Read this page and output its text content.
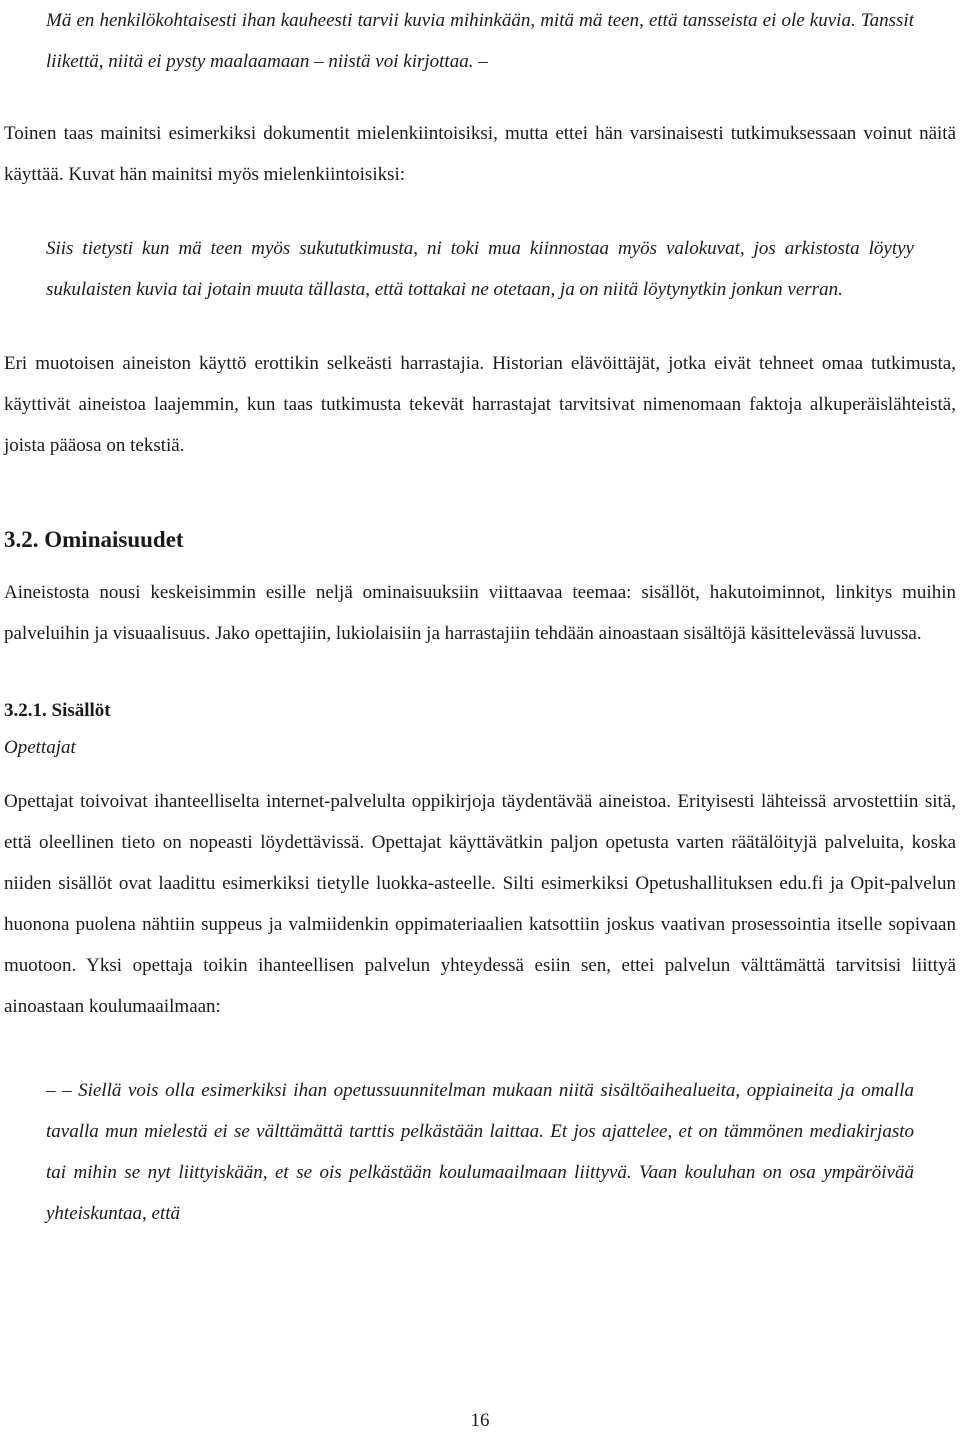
Mä en henkilökohtaisesti ihan kauheesti tarvii kuvia mihinkään, mitä mä teen, että tansseista ei ole kuvia. Tanssit liikettä, niitä ei pysty maalaamaan – niistä voi kirjottaa. –

Toinen taas mainitsi esimerkiksi dokumentit mielenkiintoisiksi, mutta ettei hän varsinaisesti tutkimuksessaan voinut näitä käyttää. Kuvat hän mainitsi myös mielenkiintoisiksi:

Siis tietysti kun mä teen myös sukututkimusta, ni toki mua kiinnostaa myös valokuvat, jos arkistosta löytyy sukulaisten kuvia tai jotain muuta tällasta, että tottakai ne otetaan, ja on niitä löytynytkin jonkun verran.

Eri muotoisen aineiston käyttö erottikin selkeästi harrastajia. Historian elävöittäjät, jotka eivät tehneet omaa tutkimusta, käyttivät aineistoa laajemmin, kun taas tutkimusta tekevät harrastajat tarvitsivat nimenomaan faktoja alkuperäislähteistä, joista pääosa on tekstiä.

3.2. Ominaisuudet

Aineistosta nousi keskeisimmin esille neljä ominaisuuksiin viittaavaa teemaa: sisällöt, hakutoiminnot, linkitys muihin palveluihin ja visuaalisuus. Jako opettajiin, lukiolaisiin ja harrastajiin tehdään ainoastaan sisältöjä käsittelevässä luvussa.

3.2.1. Sisällöt

Opettajat

Opettajat toivoivat ihanteelliselta internet-palvelulta oppikirjoja täydentävää aineistoa. Erityisesti lähteissä arvostettiin sitä, että oleellinen tieto on nopeasti löydettävissä. Opettajat käyttävätkin paljon opetusta varten räätälöityjä palveluita, koska niiden sisällöt ovat laadittu esimerkiksi tietylle luokka-asteelle. Silti esimerkiksi Opetushallituksen edu.fi ja Opit-palvelun huonona puolena nähtiin suppeus ja valmiidenkin oppimateriaalien katsottiin joskus vaativan prosessointia itselle sopivaan muotoon. Yksi opettaja toikin ihanteellisen palvelun yhteydessä esiin sen, ettei palvelun välttämättä tarvitsisi liittyä ainoastaan koulumaailmaan:

– – Siellä vois olla esimerkiksi ihan opetussuunnitelman mukaan niitä sisältöaihealueita, oppiaineita ja omalla tavalla mun mielestä ei se välttämättä tarttis pelkästään laittaa. Et jos ajattelee, et on tämmönen mediakirjasto tai mihin se nyt liittyiskään, et se ois pelkästään koulumaailmaan liittyvä. Vaan kouluhan on osa ympäröivää yhteiskuntaa, että

16
